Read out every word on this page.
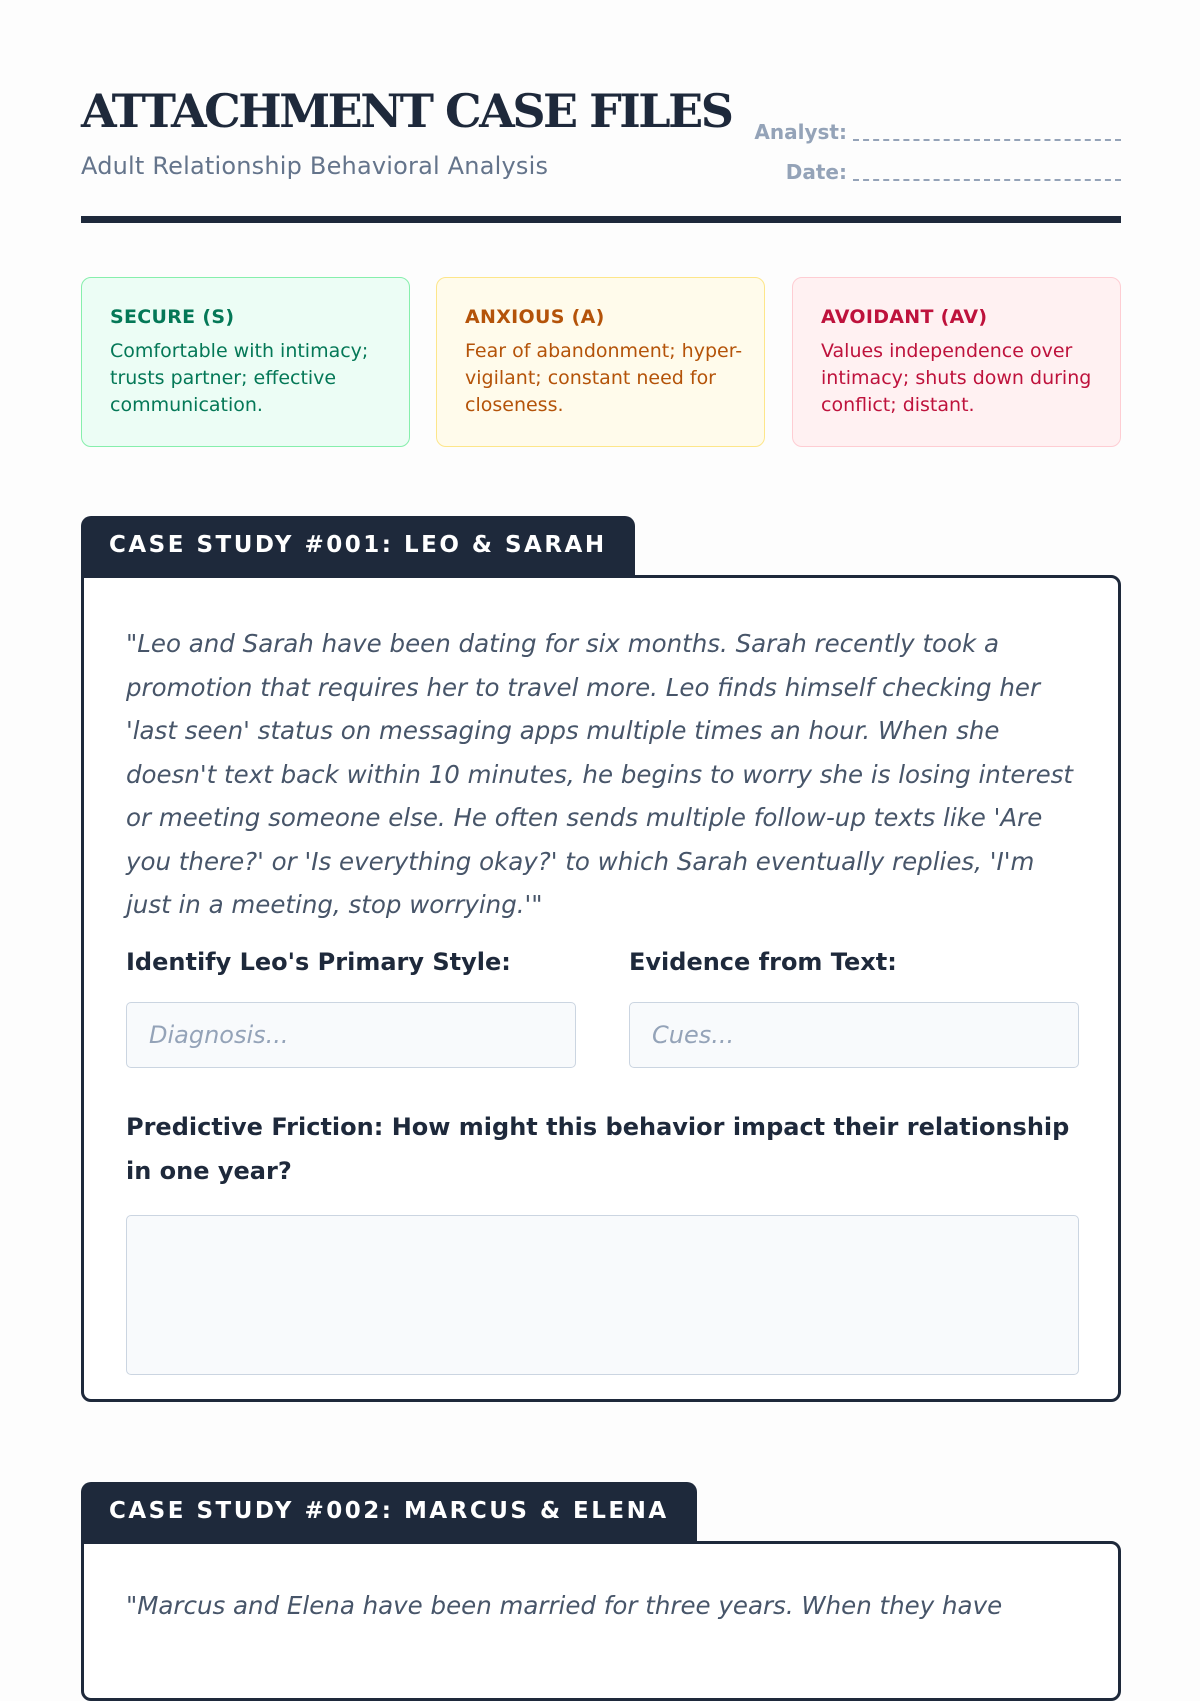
ATTACHMENT CASE FILES
Adult Relationship Behavioral Analysis
Analyst:
Date:
SECURE (S)
Comfortable with intimacy; trusts partner; effective communication.
ANXIOUS (A)
Fear of abandonment; hyper-vigilant; constant need for closeness.
AVOIDANT (AV)
Values independence over intimacy; shuts down during conflict; distant.
CASE STUDY #001: LEO & SARAH

"Leo and Sarah have been dating for six months. Sarah recently took a promotion that requires her to travel more. Leo finds himself checking her 'last seen' status on messaging apps multiple times an hour. When she doesn't text back within 10 minutes, he begins to worry she is losing interest or meeting someone else. He often sends multiple follow-up texts like 'Are you there?' or 'Is everything okay?' to which Sarah eventually replies, 'I'm just in a meeting, stop worrying.'"

Identify Leo's Primary Style:
Diagnosis...	Evidence from Text:
Cues...
Predictive Friction: How might this behavior impact their relationship in one year?
CASE STUDY #002: MARCUS & ELENA

"Marcus and Elena have been married for three years. When they have
